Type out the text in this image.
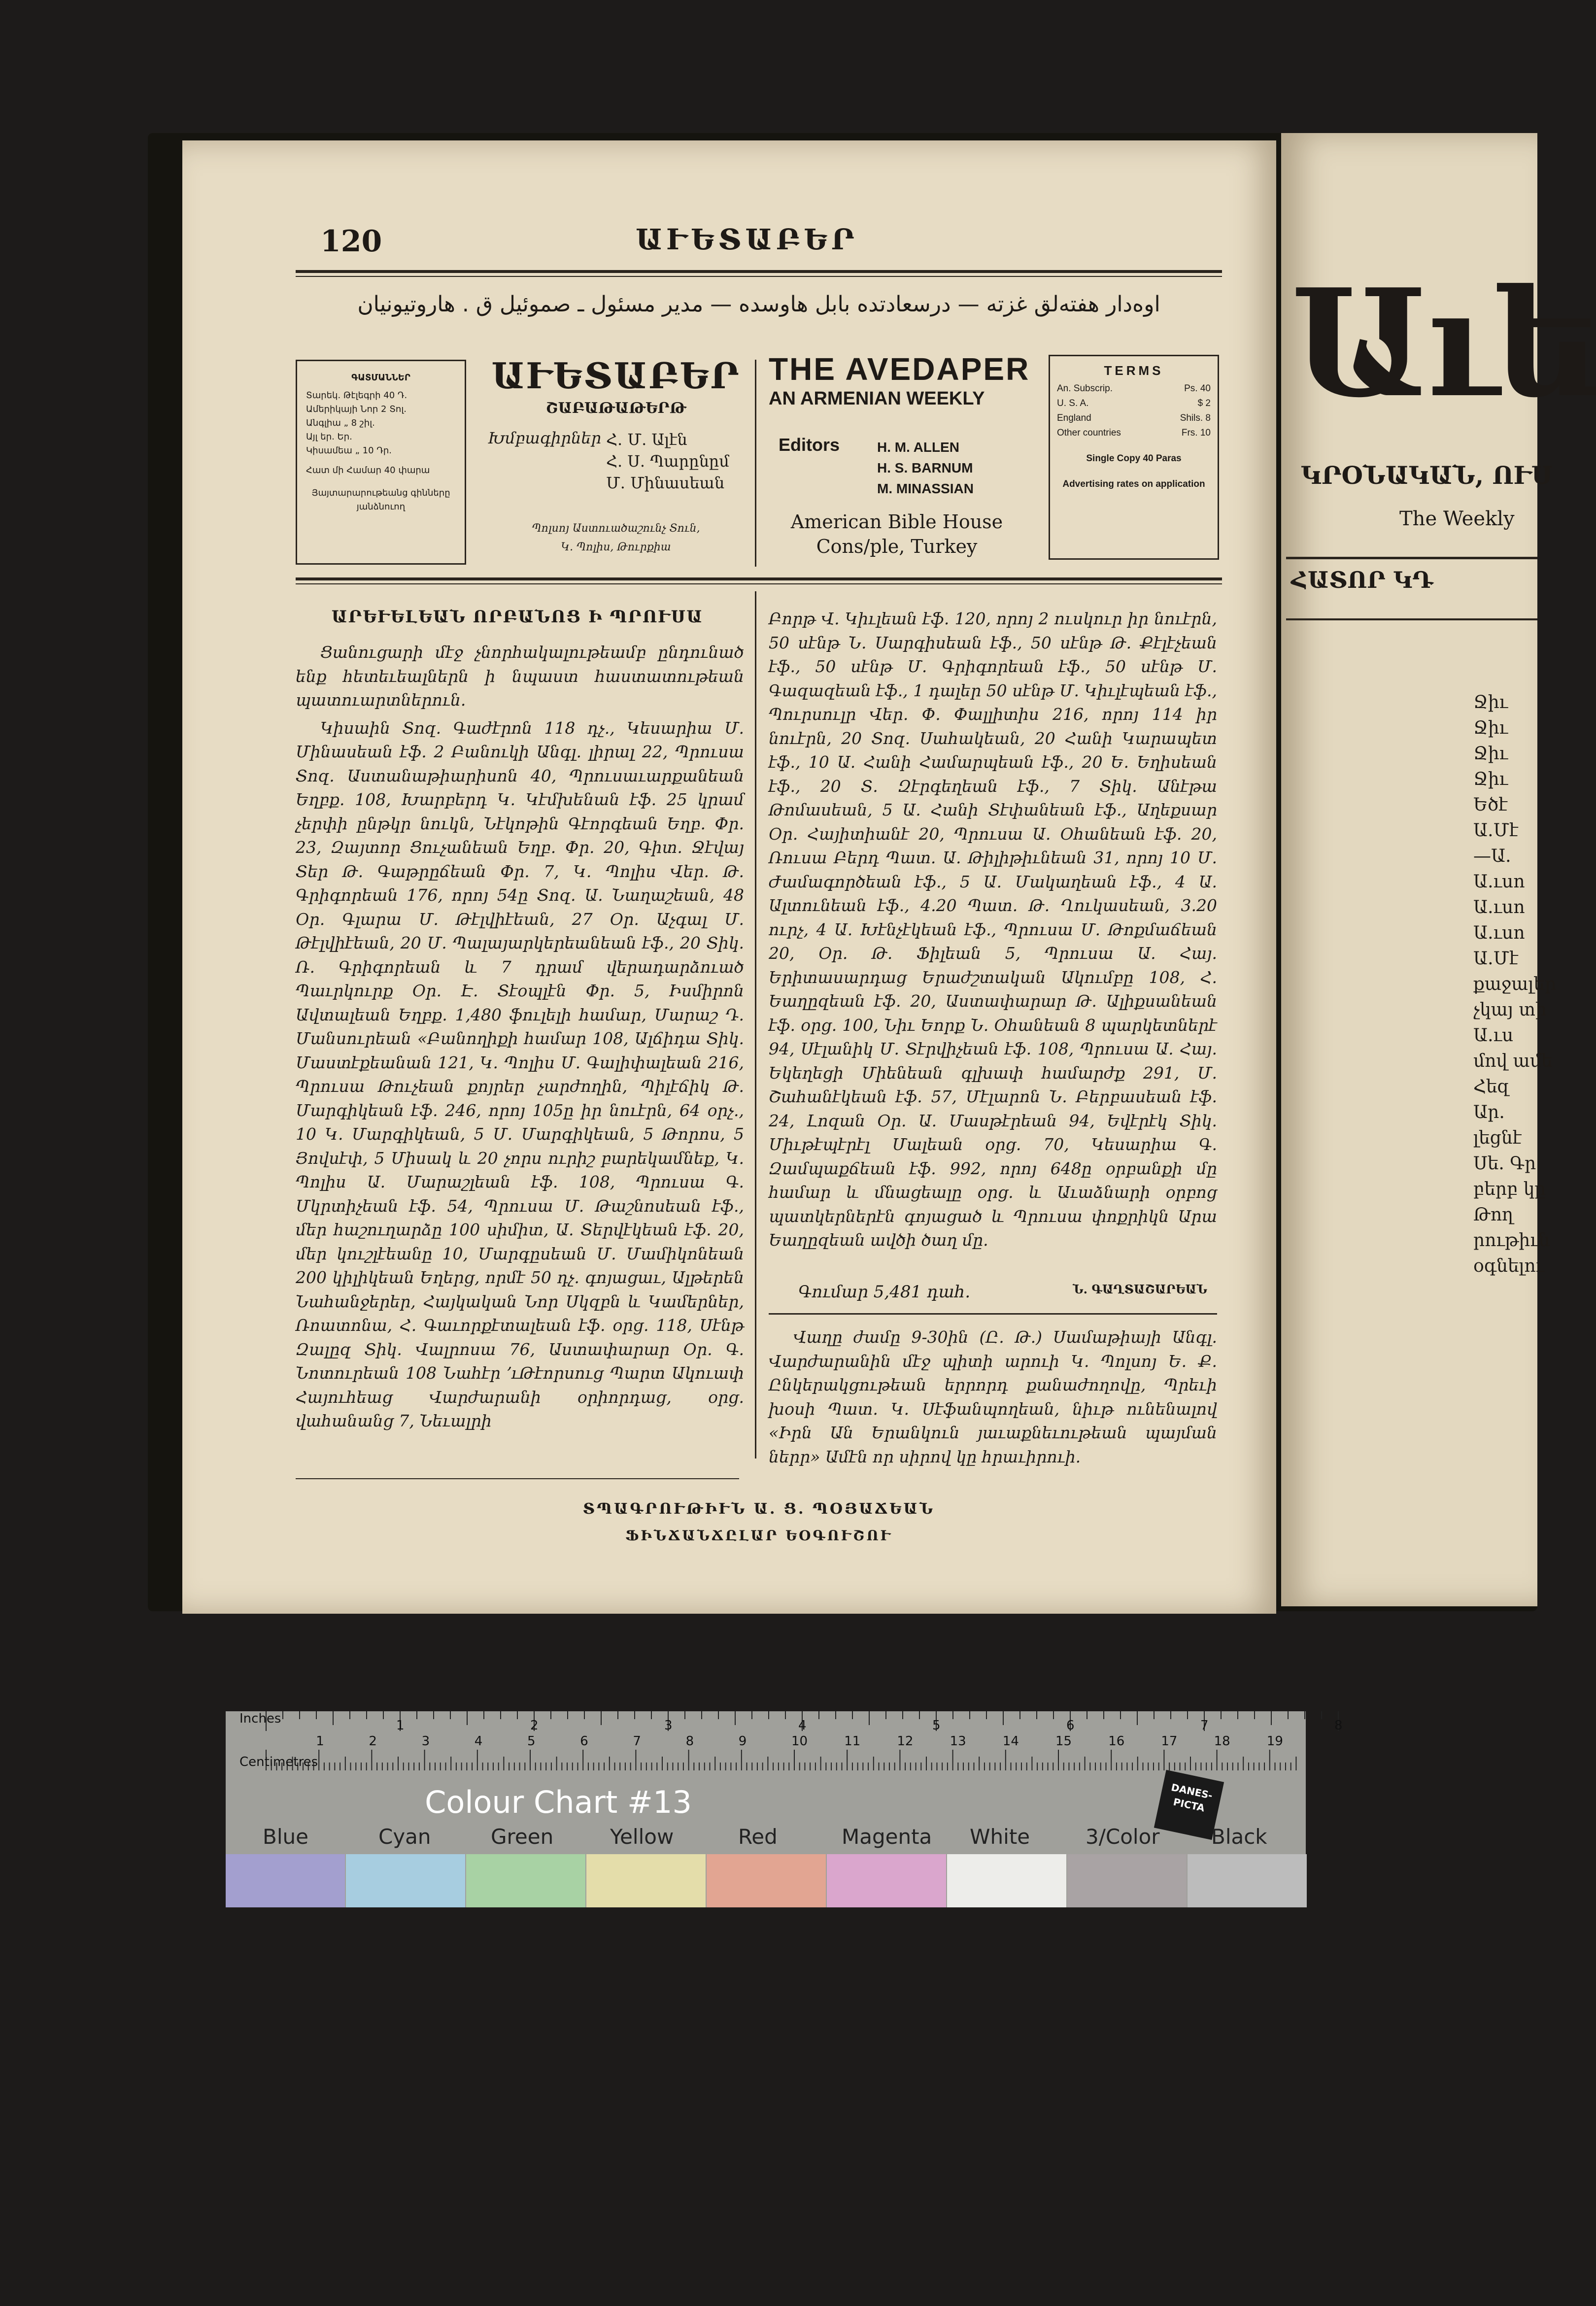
120	ԱՒԵՏԱԲԵՐ
اوه‌دار هفته‌لق غزته — درسعادتده بابل هاوسده — مدیر مسئول ـ صموئیل ق . هاروتیونیان
ԳԱՏՄԱՆՆԵՐ
Տարեկ. Թէլեգրի 40 Դ.
Ամերիկայի Նոր 2 Տոլ.
Անգլիա „ 8 շիլ.
Այլ եր. Եր.
Կիսամեա „ 10 Դր.
Հատ մի Համար 40 փարա
Յայտարարութեանց գինները յանձնուող
ԱՒԵՏԱԲԵՐ
ՇԱԲԱԹԱԹԵՐԹ
Խմբագիրներ Հ. Մ. Ալէն
Հ. Ս. Պարընըմ
Մ. Մինասեան
Պոլսոյ Աստուածաշունչ Տուն,
Կ. Պոլիս, Թուրքիա
THE AVEDAPER
AN ARMENIAN WEEKLY
Editors	H. M. ALLEN
H. S. BARNUM
M. MINASSIAN
American Bible House
Cons/ple, Turkey
TERMS
An. Subscrip.	Ps. 40
U. S. A.	$ 2
England	Shils. 8
Other countries	Frs. 10
Single Copy 40 Paras
Advertising rates on application
ԱՐԵՒԵԼԵԱՆ ՈՐԲԱՆՈՑ Ի ՊՐՈՒՍԱ

Ցանուցարի մէջ չնորհակալութեամբ ընդունած ենք հետեւեալներն ի նպաստ հաստատութեան պատուարտներուն.

Կիսաին Տոզ. Գաժէրոն 118 դչ., Կեսարիա Մ. Մինասեան էֆ. 2 Բանուկի Անգլ. լիրալ 22, Պրուսա Տոզ. Աստանաթիարիսոն 40, Պրուսաւարքանեան Եղբք. 108, Խարբերդ Կ. Կէմխենան էֆ. 25 կրամ չերփի ընթկր նուկն, Նէկոթին Գէորգեան Եղբ. Փր. 23, Զայտոր Ցուչանեան Եղբ. Փր. 20, Գիտ. Ջէվայ Տեր Թ. Գաթրըճեան Փր. 7, Կ. Պոլիս Վեր. Թ. Գրիգորեան 176, որոյ 54ը Տոզ. Ա. Նաղաշեան, 48 Օր. Գլարա Մ. Թէլվիէեան, 27 Օր. Աչգալ Մ. Թէլվիէեան, 20 Մ. Պալայարկերեանեան էֆ., 20 Տիկ. Ռ. Գրիգորեան և 7 դրամ վերադարձուած Պաւրկուրք Օր. Է. Տէօպլէն Փր. 5, Իսմիրոն Ավտալեան Եղբք. 1,480 ֆուլելի համար, Մարաշ Դ. Մանսուրեան «Բանողիքի համար 108, Ալճիդա Տիկ. Մաստէքեանան 121, Կ. Պոլիս Մ. Գալիփալեան 216, Պրուսա Թուչեան քոյրեր չարժողին, Պիլէճիկ Թ. Մարգիկեան էֆ. 246, որոյ 105ը իր նուէրն, 64 օրչ., 10 Կ. Մարգիկեան, 5 Մ. Մարգիկեան, 5 Թորոս, 5 Յովսէփ, 5 Միսակ և 20 չորս ուրիշ բարեկամնեք, Կ. Պոլիս Ա. Մարաշլեան էֆ. 108, Պրուսա Գ. Մկրտիչեան էֆ. 54, Պրուսա Մ. Թաշնոսեան էֆ., մեր հաշուղարձը 100 սիմիտ, Ա. Տերվէկեան էֆ. 20, մեր կուշլէեանը 10, Մարգըսեան Մ. Մամիկոնեան 200 կիլիկեան Եղերց, որմէ 50 դչ. գոյացաւ, Ալթերեն Նահանջերեր, Հայկական Նոր Սկզբն և Կամերներ, Ռոատոնա, Հ. Գաւորքէտալեան էֆ. օրց. 118, Սէնթ Զալըզ Տիկ. Վալրոսա 76, Աստափարար Օր. Գ. Նոտուրեան 108 Նահէր ՚ւԹէորսուց Պարտ Ակուափ Հայուհեաց Վարժարանի օրիորդաց, օրց. վահանանց 7, Նեւալրի

Բորթ Վ. Կիւլեան էֆ. 120, որոյ 2 ուսկուր իր նուէրն, 50 սէնթ Ն. Սարգիսեան էֆ., 50 սէնթ Թ. Քէլէչեան էֆ., 50 սէնթ Մ. Գրիգորեան էֆ., 50 սէնթ Մ. Գազազեան էֆ., 1 դալեր 50 սէնթ Մ. Կիւլէպեան էֆ., Պուրսուլր Վեր. Փ. Փալլիտիս 216, որոյ 114 իր նուէրն, 20 Տոզ. Սահակեան, 20 Հանի Կարապետ էֆ., 10 Ա. Հանի Համարպեան էֆ., 20 Ե. Եղիսեան էֆ., 20 Տ. Զէրգեղեան էֆ., 7 Տիկ. Անէթա Թոմասեան, 5 Ա. Հանի Տէփանեան էֆ., Աղեքսար Օր. Հայիտիանէ 20, Պրուսա Ա. Օհանեան էֆ. 20, Ռուսա Բերդ Պատ. Ա. Թիլիթիւնեան 31, որոյ 10 Մ. Ժամագործեան էֆ., 5 Ա. Մակաղեան էֆ., 4 Ա. Ալտունեան էֆ., 4.20 Պատ. Թ. Ղուկասեան, 3.20 ուրչ, 4 Ա. Խէնչէկեան էֆ., Պրուսա Մ. Թոքմաճեան 20, Օր. Թ. Ֆիլեան 5, Պրուսա Ա. Հայ. Երիտասարդաց Երաժշտական Ակումբը 108, Հ. Եաղըզեան էֆ. 20, Աստափարար Թ. Ալիքսանեան էֆ. օրց. 100, Նիւ Եորք Ն. Օհանեան 8 պարկետներէ 94, Սէլանիկ Մ. Տէրվիչեան էֆ. 108, Պրուսա Ա. Հայ. Եկեղեցի Միենեան գլխափ համարժք 291, Մ. Շահանէկեան էֆ. 57, Մէլարոն Ն. Բերբասեան էֆ. 24, Լոզան Օր. Ա. Մասթէրեան 94, Եվէրէկ Տիկ. Միւթէպէրէլ Մալեան օրց. 70, Կեսարիա Գ. Զամպաքճեան էֆ. 992, որոյ 648ը օրբանքի մը համար և մնացեալը օրց. և Աւաձնարի օրբոց պատկերներէն գոյացած և Պրուսա փոքրիկն Արա Եաղըզեան ավծի ծաղ մը.

Գումար 5,481 դահ.	Ն. ԳԱՂՏԱՇԱՐԵԱՆ

Վաղը ժամը 9-30ին (Ը. Թ.) Սամաթիայի Անգլ. Վարժարանին մէջ պիտի արուի Կ. Պոլսոյ Ե. Ք. Ընկերակցութեան երրորդ քանաժողովը, Պրեւի խօսի Պատ. Կ. Սէֆանպողեան, նիւթ ունենալով «Իրն Ան Երանկուն յաւաքնեւութեան պայման ներր» Ամէն որ սիրով կը հրաւիրուի.

ՏՊԱԳՐՈՒԹԻՒՆ Ա. Ց. ՊՕՅԱՃԵԱՆ
ՖԻՆՃԱՆՃԸԼԱՐ ԵՕԳՈՒՇՈՒ
Աւե
ԿՐՕՆԱԿԱՆ, ՈՒՍ
The Weekly
ՀԱՏՈՐ ԿԴ
Ջիւ
Ջիւ
Ջիւ
Ջիւ
Եծէ
Ա.Մէ
—Ա.
Ա.ւսո
Ա.ւսո
Ա.ւսո
Ա.Մէ
քաջալեր
չկայ տի
Ա.ւս
մով ամե
Հեզ
Ար.
լեցնէ
Սե. Գր
բերբ կը
Թող
րութիւն
օգնելու
Inches
Centimetres
1	2	3	4	5	6	7	8
1	2	3	4	5	6	7	8	9	10	11	12	13	14	15	16	17	18	19
Colour Chart #13	DANES-PICTA
Blue	Cyan	Green	Yellow	Red	Magenta White	3/Color Black
